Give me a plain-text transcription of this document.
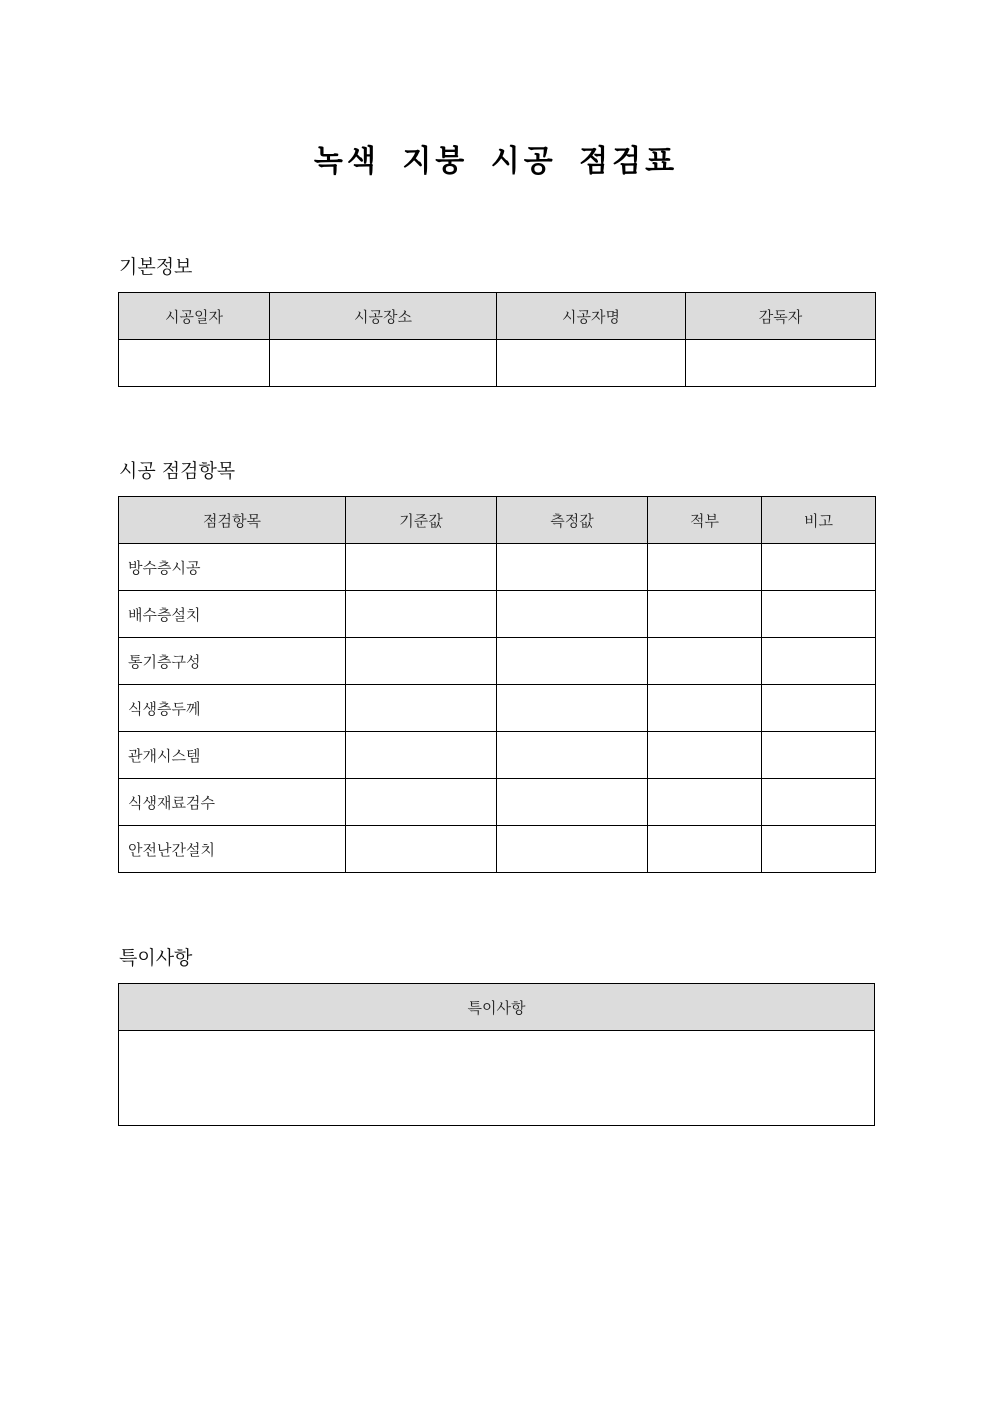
녹색 지붕 시공 점검표
기본정보
시공일자	시공장소	시공자명	감독자

시공 점검항목
점검항목	기준값	측정값	적부	비고
방수층시공				
배수층설치				
통기층구성				
식생층두께				
관개시스템				
식생재료검수				
안전난간설치				
특이사항
특이사항
